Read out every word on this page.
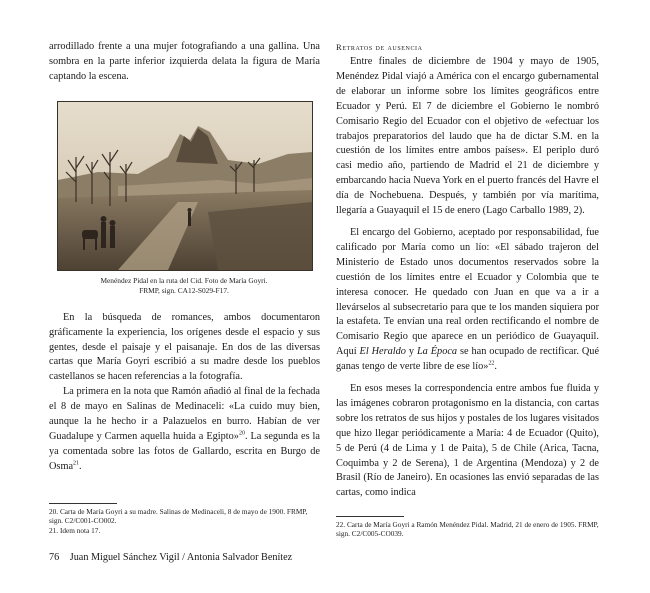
arrodillado frente a una mujer fotografiando a una gallina. Una sombra en la parte inferior izquierda delata la figura de María captando la escena.

Menéndez Pidal en la ruta del Cid. Foto de María Goyri.
FRMP, sign. CA12-S029-F17.

En la búsqueda de romances, ambos documentaron gráficamente la experiencia, los orígenes desde el espacio y sus gentes, desde el paisaje y el paisanaje. En dos de las diversas cartas que María Goyri escribió a su madre desde los pueblos castellanos se hacen referencias a la fotografía.

La primera en la nota que Ramón añadió al final de la fechada el 8 de mayo en Salinas de Medinaceli: «La cuido muy bien, aunque la he hecho ir a Palazuelos en burro. Habían de ver Guadalupe y Carmen aquella huida a Egipto»$^{20}$. La segunda es la ya comentada sobre las fotos de Gallardo, escrita en Burgo de Osma$^{21}$.

Retratos de ausencia

Entre finales de diciembre de 1904 y mayo de 1905, Menéndez Pidal viajó a América con el encargo gubernamental de elaborar un informe sobre los límites geográficos entre Ecuador y Perú. El 7 de diciembre el Gobierno le nombró Comisario Regio del Ecuador con el objetivo de «efectuar los trabajos preparatorios del laudo que ha de dictar S.M. en la cuestión de los límites entre ambos países». El periplo duró casi medio año, partiendo de Madrid el 21 de diciembre y embarcando hacia Nueva York en el puerto francés del Havre el día de Nochebuena. Después, y también por vía marítima, llegaría a Guayaquil el 15 de enero (Lago Carballo 1989, 2).

El encargo del Gobierno, aceptado por responsabilidad, fue calificado por María como un lío: «El sábado trajeron del Ministerio de Estado unos documentos reservados sobre la cuestión de los límites entre el Ecuador y Colombia que te interesa conocer. He quedado con Juan en que va a ir a llevárselos al subsecretario para que te los manden siquiera por la estafeta. Te envían una real orden rectificando el nombre de Comisario Regio que aparece en un periódico de Guayaquil. Aquí El Heraldo y La Época se han ocupado de rectificar. Qué ganas tengo de verte libre de ese lío»$^{22}$.

En esos meses la correspondencia entre ambos fue fluida y las imágenes cobraron protagonismo en la distancia, con cartas sobre los retratos de sus hijos y postales de los lugares visitados que hizo llegar periódicamente a María: 4 de Ecuador (Quito), 5 de Perú (4 de Lima y 1 de Paita), 5 de Chile (Arica, Tacna, Coquimba y 2 de Serena), 1 de Argentina (Mendoza) y 2 de Brasil (Río de Janeiro). En ocasiones las envió separadas de las cartas, como indica

20. Carta de María Goyri a su madre. Salinas de Medinaceli, 8 de mayo de 1900. FRMP, sign. C2/C001-CO002.
21. Idem nota 17.
22. Carta de María Goyri a Ramón Menéndez Pidal. Madrid, 21 de enero de 1905. FRMP, sign. C2/C005-CO039.
76 Juan Miguel Sánchez Vigil / Antonia Salvador Benítez
